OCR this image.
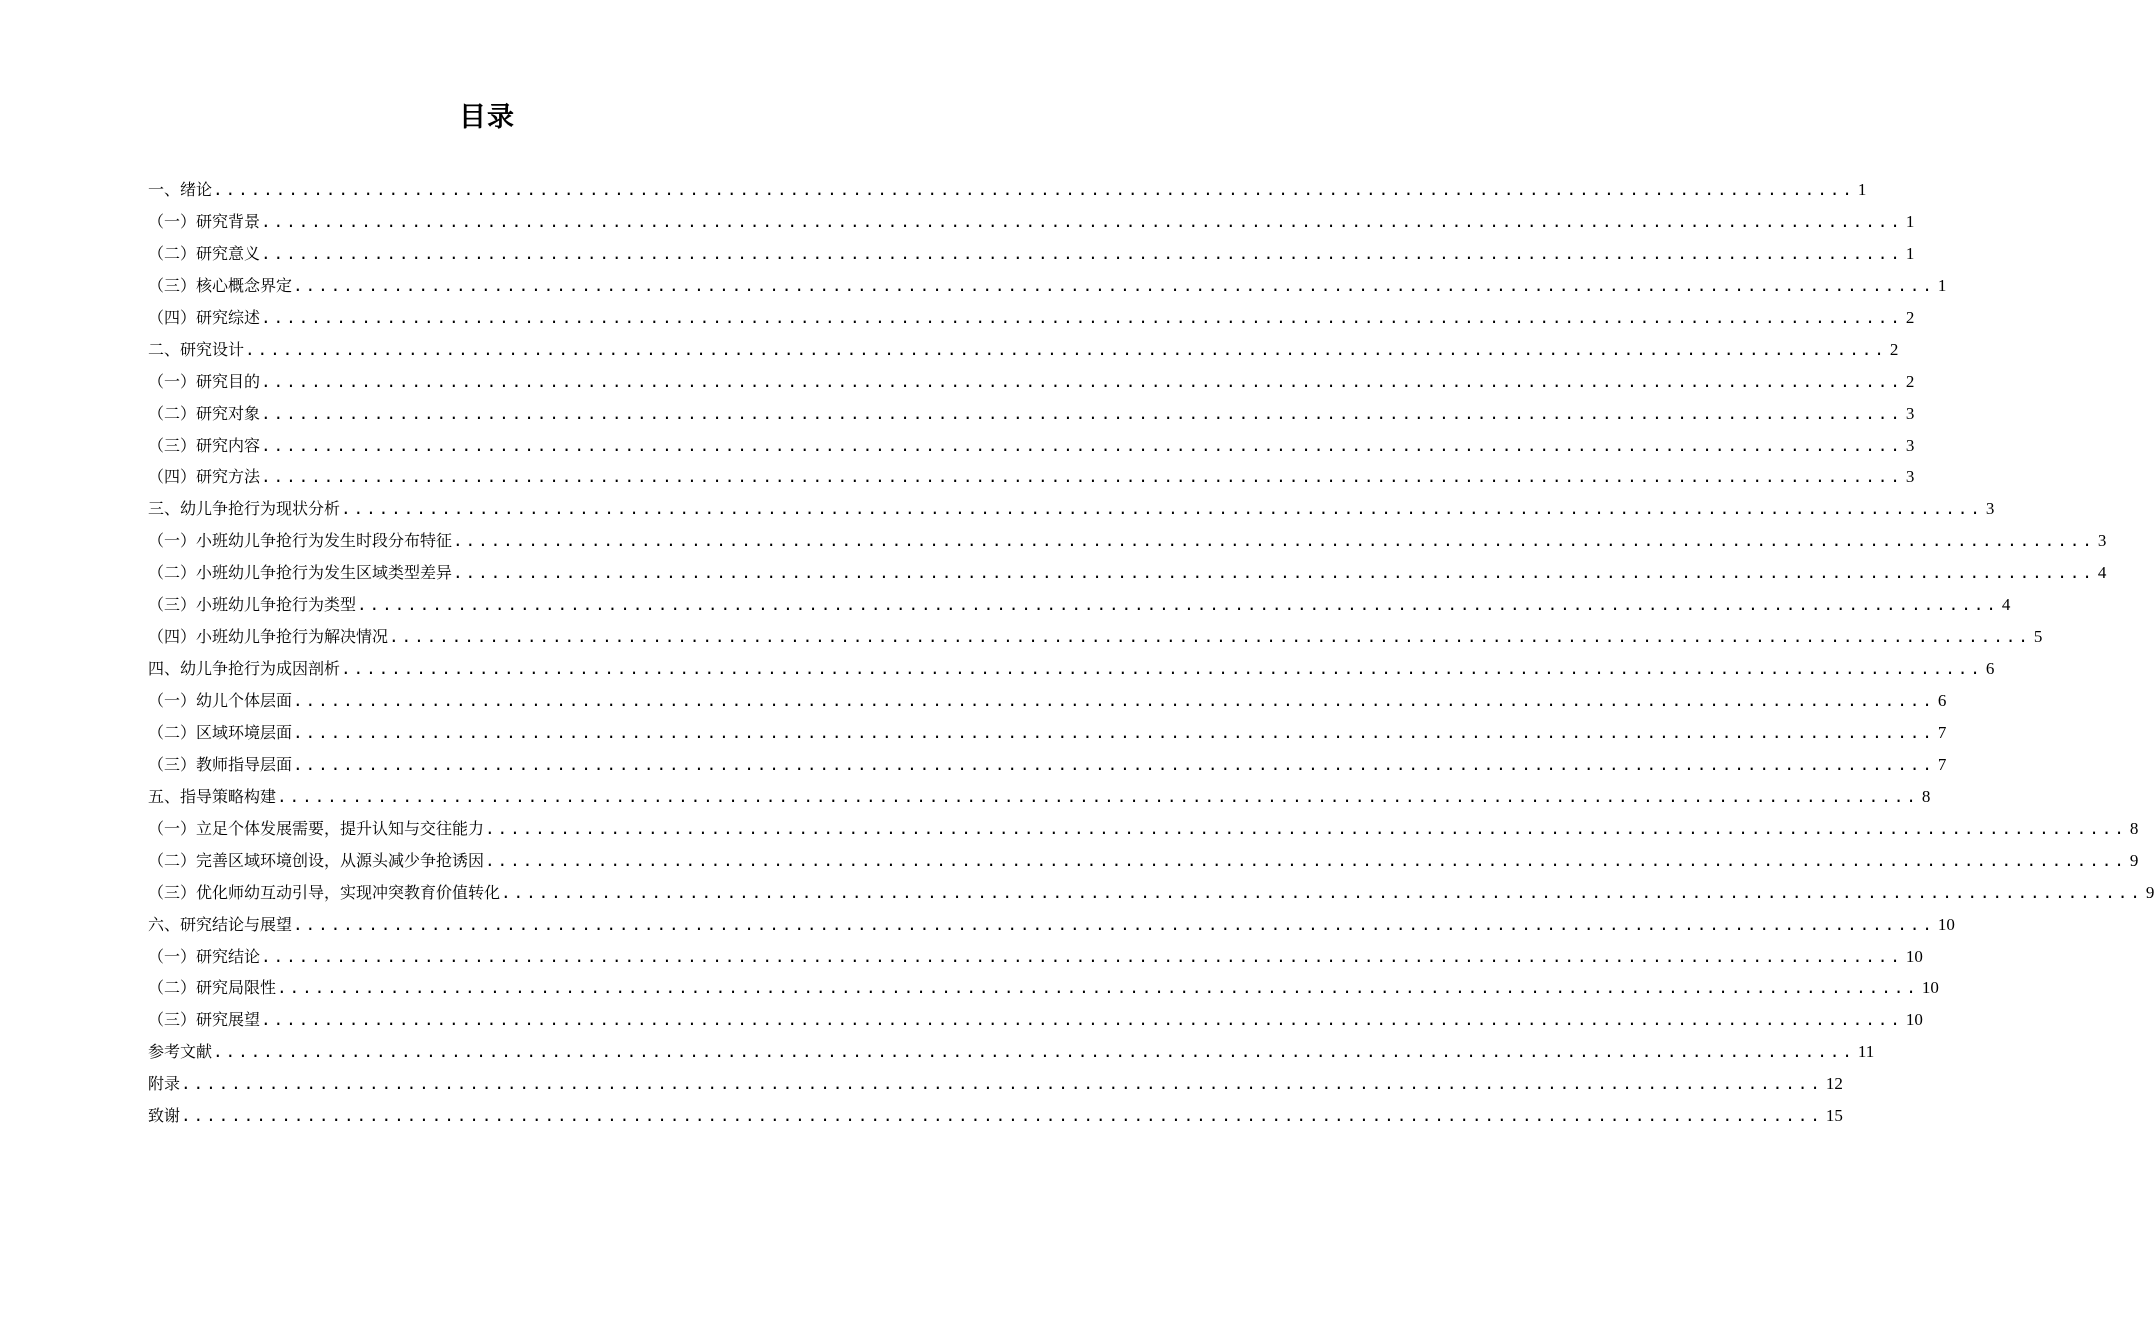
目录
一、绪论 ................................................................................................................................... 1
（一）研究背景 ................................................................................................................................... 1
（二）研究意义 ................................................................................................................................... 1
（三）核心概念界定 ................................................................................................................................... 1
（四）研究综述 ................................................................................................................................... 2
二、研究设计 ................................................................................................................................... 2
（一）研究目的 ................................................................................................................................... 2
（二）研究对象 ................................................................................................................................... 3
（三）研究内容 ................................................................................................................................... 3
（四）研究方法 ................................................................................................................................... 3
三、幼儿争抢行为现状分析 ................................................................................................................................... 3
（一）小班幼儿争抢行为发生时段分布特征 ................................................................................................................................... 3
（二）小班幼儿争抢行为发生区域类型差异 ................................................................................................................................... 4
（三）小班幼儿争抢行为类型 ................................................................................................................................... 4
（四）小班幼儿争抢行为解决情况 ................................................................................................................................... 5
四、幼儿争抢行为成因剖析 ................................................................................................................................... 6
（一）幼儿个体层面 ................................................................................................................................... 6
（二）区域环境层面 ................................................................................................................................... 7
（三）教师指导层面 ................................................................................................................................... 7
五、指导策略构建 ................................................................................................................................... 8
（一）立足个体发展需要，提升认知与交往能力 ................................................................................................................................... 8
（二）完善区域环境创设，从源头减少争抢诱因 ................................................................................................................................... 9
（三）优化师幼互动引导，实现冲突教育价值转化 ................................................................................................................................... 9
六、研究结论与展望 ................................................................................................................................... 10
（一）研究结论 ................................................................................................................................... 10
（二）研究局限性 ................................................................................................................................... 10
（三）研究展望 ................................................................................................................................... 10
参考文献 ................................................................................................................................... 11
附录 ................................................................................................................................... 12
致谢 ................................................................................................................................... 15
